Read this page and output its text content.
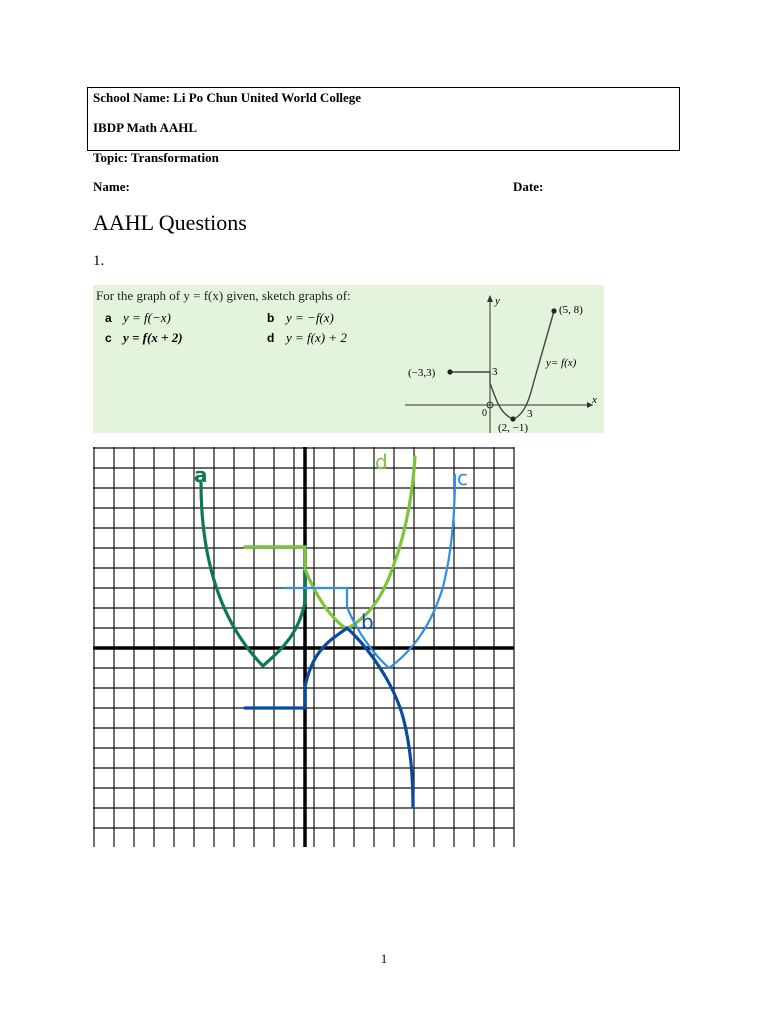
School Name: Li Po Chun United World College
IBDP Math AAHL
Topic: Transformation
Name:	Date:
AAHL Questions
1.
For the graph of y = f(x) given, sketch graphs of:
a y = f(−x)	b y = −f(x)
c y = f(x + 2)	d y = f(x) + 2
y
x
(−3,3)
(5, 8)
(2, −1)
3
3
0
y= f(x)
a
d
c
b
1
